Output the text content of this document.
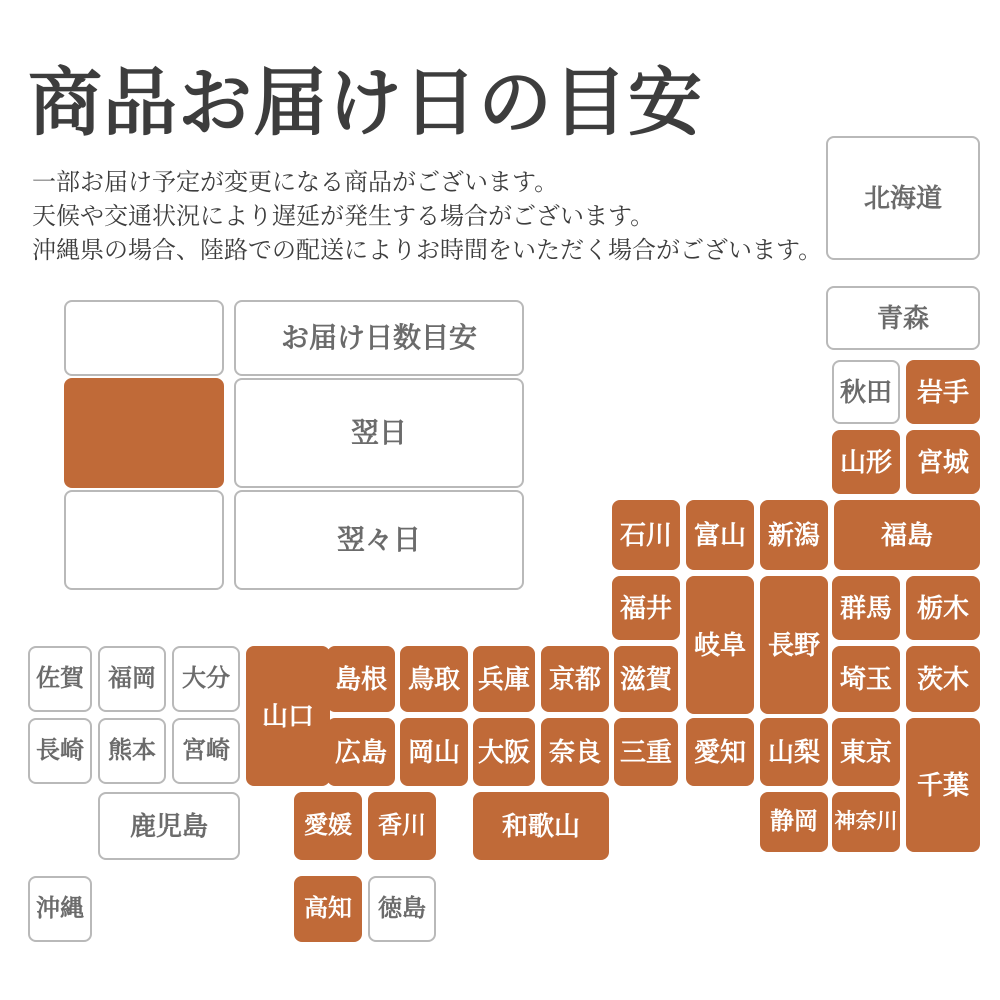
商品お届け日の目安
一部お届け予定が変更になる商品がございます。
天候や交通状況により遅延が発生する場合がございます。
沖縄県の場合、陸路での配送によりお時間をいただく場合がございます。
お届け日数目安
翌日
翌々日
北海道
青森
秋田 岩手
山形 宮城
石川 富山 新潟	福島
福井
岐阜 長野
群馬 栃木
佐賀	福岡	大分
山口
島根 鳥取 兵庫 京都 滋賀	埼玉 茨木
長崎	熊本	宮崎	広島 岡山 大阪 奈良 三重 愛知 山梨 東京
千葉
鹿児島	愛媛	香川	和歌山	静岡 神奈川
沖縄	高知	徳島
